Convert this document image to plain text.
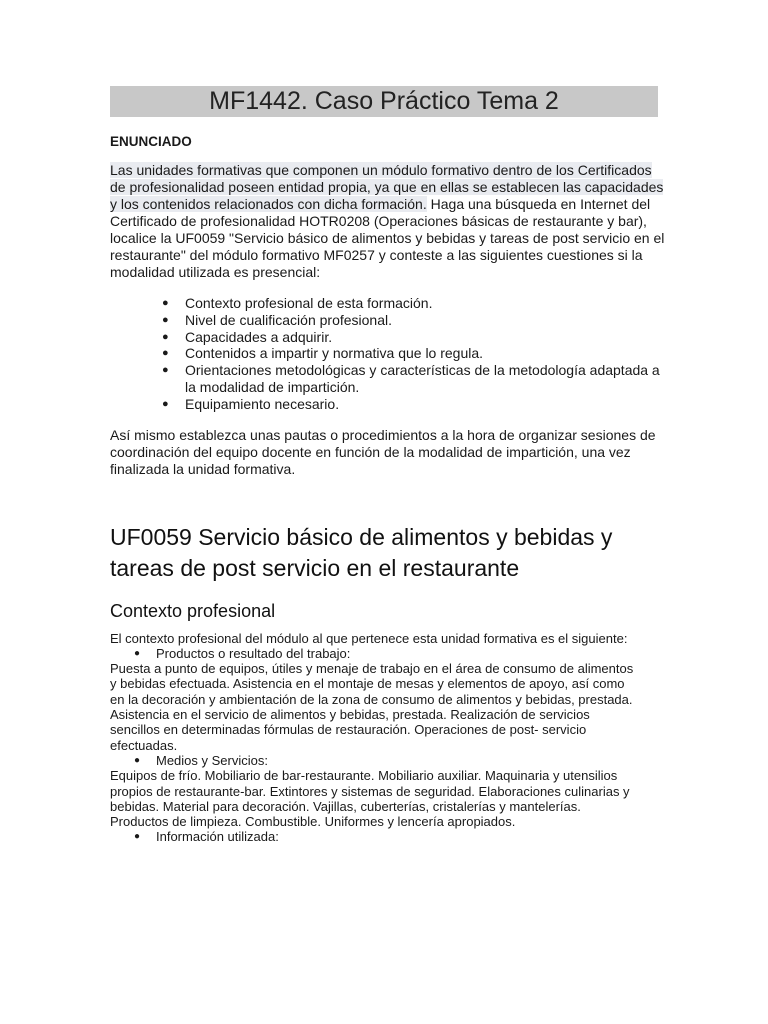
MF1442. Caso Práctico Tema 2
ENUNCIADO
Las unidades formativas que componen un módulo formativo dentro de los Certificados de profesionalidad poseen entidad propia, ya que en ellas se establecen las capacidades y los contenidos relacionados con dicha formación. Haga una búsqueda en Internet del Certificado de profesionalidad HOTR0208 (Operaciones básicas de restaurante y bar), localice la UF0059 "Servicio básico de alimentos y bebidas y tareas de post servicio en el restaurante" del módulo formativo MF0257 y conteste a las siguientes cuestiones si la modalidad utilizada es presencial:
● Contexto profesional de esta formación.
● Nivel de cualificación profesional.
● Capacidades a adquirir.
● Contenidos a impartir y normativa que lo regula.
● Orientaciones metodológicas y características de la metodología adaptada a la modalidad de impartición.
● Equipamiento necesario.
Así mismo establezca unas pautas o procedimientos a la hora de organizar sesiones de coordinación del equipo docente en función de la modalidad de impartición, una vez finalizada la unidad formativa.
UF0059 Servicio básico de alimentos y bebidas y tareas de post servicio en el restaurante
Contexto profesional
El contexto profesional del módulo al que pertenece esta unidad formativa es el siguiente:
● Productos o resultado del trabajo:
Puesta a punto de equipos, útiles y menaje de trabajo en el área de consumo de alimentos y bebidas efectuada. Asistencia en el montaje de mesas y elementos de apoyo, así como en la decoración y ambientación de la zona de consumo de alimentos y bebidas, prestada. Asistencia en el servicio de alimentos y bebidas, prestada. Realización de servicios sencillos en determinadas fórmulas de restauración. Operaciones de post- servicio efectuadas.
● Medios y Servicios:
Equipos de frío. Mobiliario de bar-restaurante. Mobiliario auxiliar. Maquinaria y utensilios propios de restaurante-bar. Extintores y sistemas de seguridad. Elaboraciones culinarias y bebidas. Material para decoración. Vajillas, cuberterías, cristalerías y mantelerías. Productos de limpieza. Combustible. Uniformes y lencería apropiados.
● Información utilizada:
